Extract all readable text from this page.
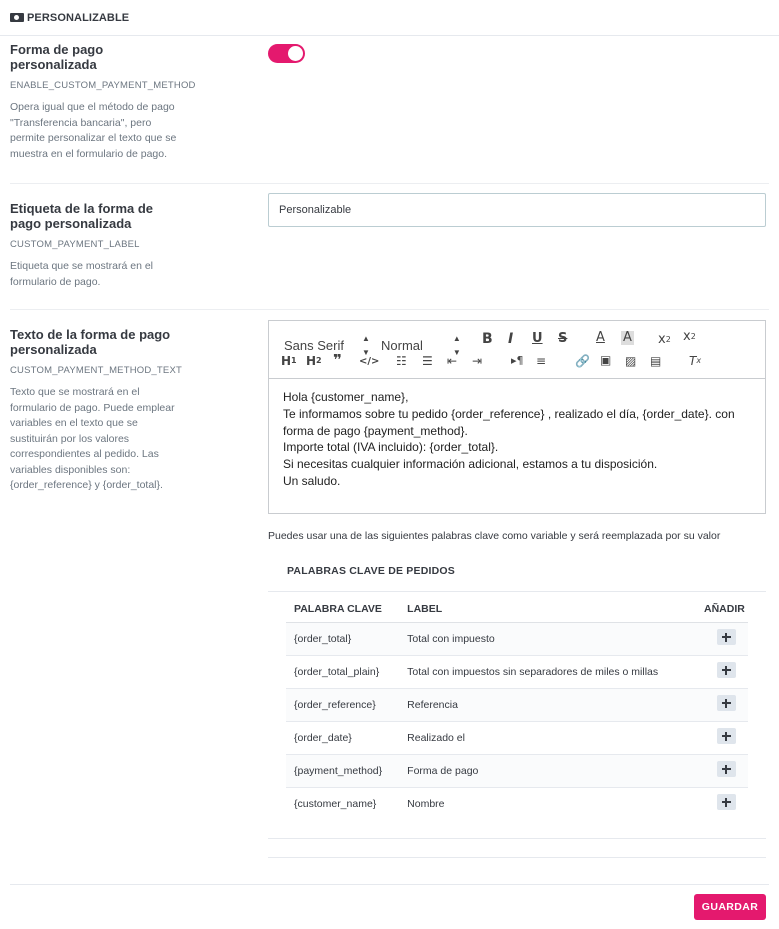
PERSONALIZABLE
Forma de pago personalizada
ENABLE_CUSTOM_PAYMENT_METHOD
Opera igual que el método de pago "Transferencia bancaria", pero permite personalizar el texto que se muestra en el formulario de pago.
Etiqueta de la forma de pago personalizada
CUSTOM_PAYMENT_LABEL
Etiqueta que se mostrará en el formulario de pago.
Personalizable
Texto de la forma de pago personalizada
CUSTOM_PAYMENT_METHOD_TEXT
Texto que se mostrará en el formulario de pago. Puede emplear variables en el texto que se sustituirán por los valores correspondientes al pedido. Las variables disponibles son: {order_reference} y {order_total}.
Sans Serif ▲
▼ Normal	▲
▼
B I U S A A x 2 x 2
H 1 H 2 ❞ </> ☷ ☰ ⇤ ⇥	▸¶ ≡ 🔗 ▣ ▨ ▤ T x
Hola {customer_name},
Te informamos sobre tu pedido {order_reference} , realizado el día, {order_date}. con forma de pago {payment_method}.
Importe total (IVA incluido): {order_total}.
Si necesitas cualquier información adicional, estamos a tu disposición.
Un saludo.
Puedes usar una de las siguientes palabras clave como variable y será reemplazada por su valor
PALABRAS CLAVE DE PEDIDOS
PALABRA CLAVE	LABEL	AÑADIR
{order_total}	Total con impuesto	
{order_total_plain}	Total con impuestos sin separadores de miles o millas	
{order_reference}	Referencia	
{order_date}	Realizado el	
{payment_method}	Forma de pago	
{customer_name}	Nombre	
GUARDAR
